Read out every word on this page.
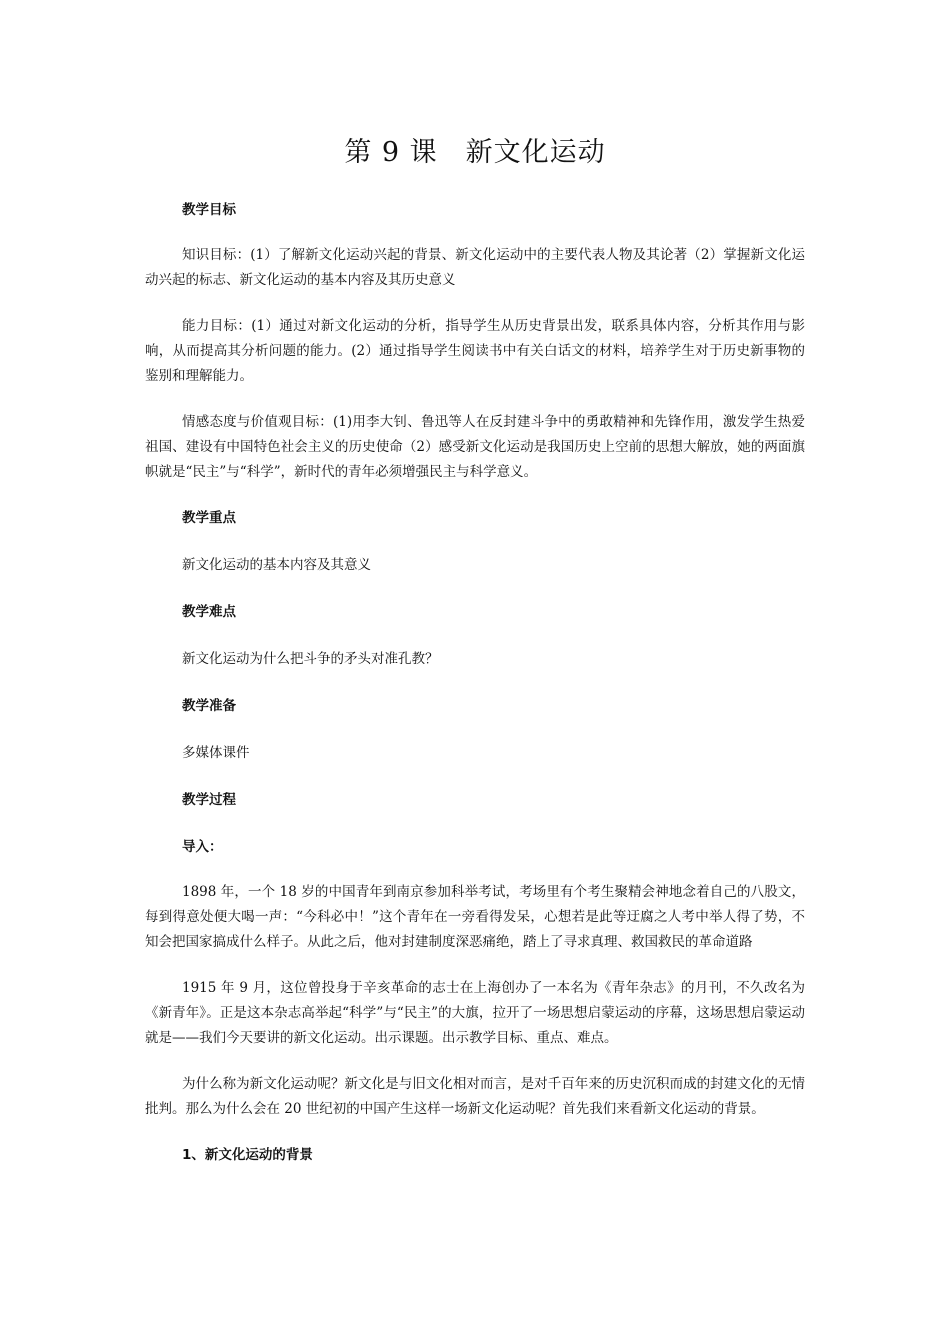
第 9 课　新文化运动

教学目标

知识目标：(1）了解新文化运动兴起的背景、新文化运动中的主要代表人物及其论著（2）掌握新文化运动兴起的标志、新文化运动的基本内容及其历史意义

能力目标：(1）通过对新文化运动的分析，指导学生从历史背景出发，联系具体内容，分析其作用与影响，从而提高其分析问题的能力。(2）通过指导学生阅读书中有关白话文的材料，培养学生对于历史新事物的鉴别和理解能力。

情感态度与价值观目标：(1)用李大钊、鲁迅等人在反封建斗争中的勇敢精神和先锋作用，激发学生热爱祖国、建设有中国特色社会主义的历史使命（2）感受新文化运动是我国历史上空前的思想大解放，她的两面旗帜就是“民主”与“科学”，新时代的青年必须增强民主与科学意义。

教学重点

新文化运动的基本内容及其意义

教学难点

新文化运动为什么把斗争的矛头对准孔教？

教学准备

多媒体课件

教学过程

导入：

1898 年，一个 18 岁的中国青年到南京参加科举考试，考场里有个考生聚精会神地念着自己的八股文，每到得意处便大喝一声：“今科必中！”这个青年在一旁看得发呆，心想若是此等迂腐之人考中举人得了势，不知会把国家搞成什么样子。从此之后，他对封建制度深恶痛绝，踏上了寻求真理、救国救民的革命道路

1915 年 9 月，这位曾投身于辛亥革命的志士在上海创办了一本名为《青年杂志》的月刊，不久改名为《新青年》。正是这本杂志高举起“科学”与“民主”的大旗，拉开了一场思想启蒙运动的序幕，这场思想启蒙运动就是——我们今天要讲的新文化运动。出示课题。出示教学目标、重点、难点。

为什么称为新文化运动呢？新文化是与旧文化相对而言，是对千百年来的历史沉积而成的封建文化的无情批判。那么为什么会在 20 世纪初的中国产生这样一场新文化运动呢？首先我们来看新文化运动的背景。

1、新文化运动的背景
